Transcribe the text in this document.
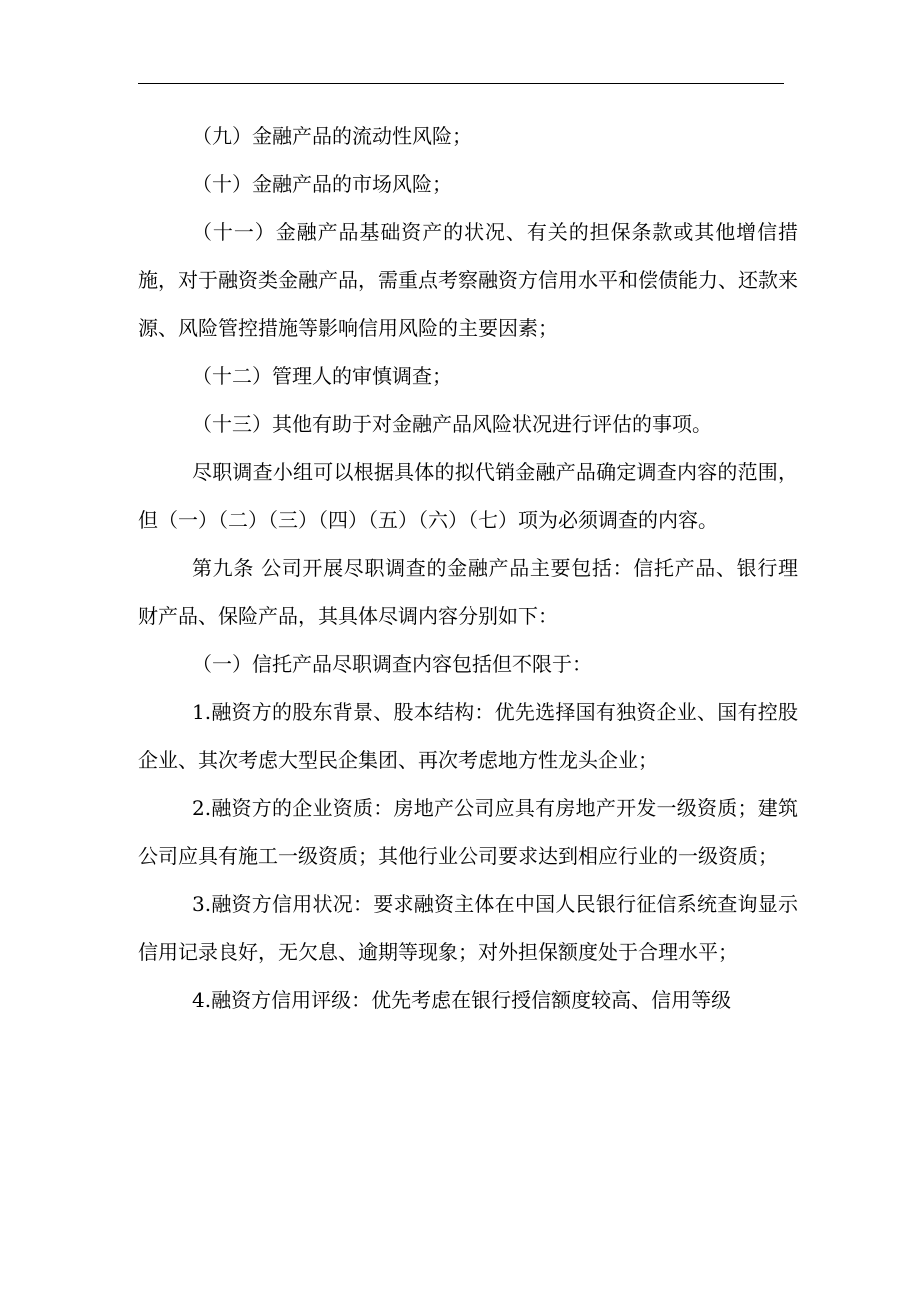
（九）金融产品的流动性风险；

（十）金融产品的市场风险；

（十一）金融产品基础资产的状况、有关的担保条款或其他增信措施，对于融资类金融产品，需重点考察融资方信用水平和偿债能力、还款来源、风险管控措施等影响信用风险的主要因素；

（十二）管理人的审慎调查；

（十三）其他有助于对金融产品风险状况进行评估的事项。

尽职调查小组可以根据具体的拟代销金融产品确定调查内容的范围，但（一）（二）（三）（四）（五）（六）（七）项为必须调查的内容。

第九条 公司开展尽职调查的金融产品主要包括：信托产品、银行理财产品、保险产品，其具体尽调内容分别如下：

（一）信托产品尽职调查内容包括但不限于：

1.融资方的股东背景、股本结构：优先选择国有独资企业、国有控股企业、其次考虑大型民企集团、再次考虑地方性龙头企业；

2.融资方的企业资质：房地产公司应具有房地产开发一级资质；建筑公司应具有施工一级资质；其他行业公司要求达到相应行业的一级资质；

3.融资方信用状况：要求融资主体在中国人民银行征信系统查询显示信用记录良好，无欠息、逾期等现象；对外担保额度处于合理水平；

4.融资方信用评级：优先考虑在银行授信额度较高、信用等级
